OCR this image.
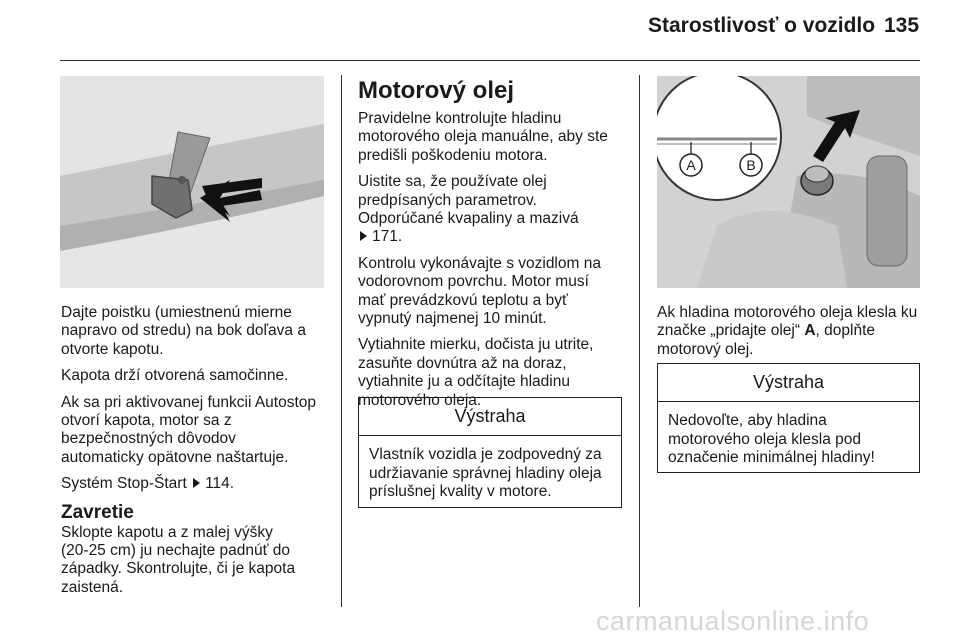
Starostlivosť o vozidlo 135

Dajte poistku (umiestnenú mierne
napravo od stredu) na bok doľava a
otvorte kapotu.

Kapota drží otvorená samočinne.

Ak sa pri aktivovanej funkcii Autostop
otvorí kapota, motor sa z
bezpečnostných dôvodov
automaticky opätovne naštartuje.

Systém Stop-Štart 114.

Zavretie

Sklopte kapotu a z malej výšky
(20-25 cm) ju nechajte padnúť do
západky. Skontrolujte, či je kapota
zaistená.

Motorový olej

Pravidelne kontrolujte hladinu
motorového oleja manuálne, aby ste
predišli poškodeniu motora.

Uistite sa, že používate olej
predpísaných parametrov.
Odporúčané kvapaliny a mazivá
171.

Kontrolu vykonávajte s vozidlom na
vodorovnom povrchu. Motor musí
mať prevádzkovú teplotu a byť
vypnutý najmenej 10 minút.

Vytiahnite mierku, dočista ju utrite,
zasuňte dovnútra až na doraz,
vytiahnite ju a odčítajte hladinu
motorového oleja.

Výstraha
Vlastník vozidla je zodpovedný za
udržiavanie správnej hladiny oleja
príslušnej kvality v motore.
A	B

Ak hladina motorového oleja klesla ku
značke „pridajte olej“ A, doplňte
motorový olej.

Výstraha
Nedovoľte, aby hladina
motorového oleja klesla pod
označenie minimálnej hladiny!
carmanualsonline.info
